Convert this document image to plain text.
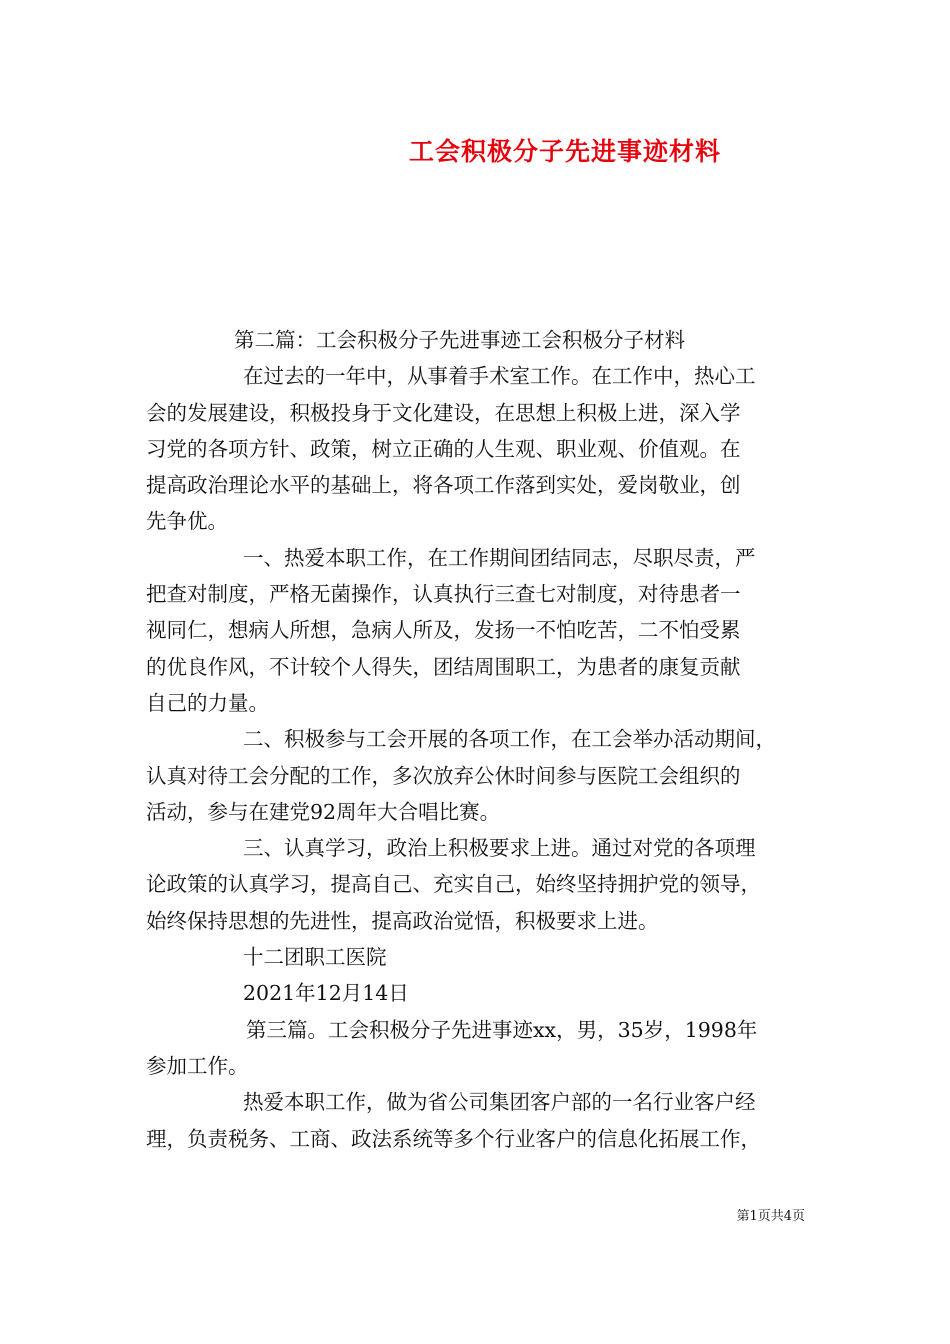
工会积极分子先进事迹材料
第二篇：工会积极分子先进事迹工会积极分子材料
在过去的一年中，从事着手术室工作。在工作中，热心工
会的发展建设，积极投身于文化建设，在思想上积极上进，深入学
习党的各项方针、政策，树立正确的人生观、职业观、价值观。在
提高政治理论水平的基础上，将各项工作落到实处，爱岗敬业，创
先争优。
一、热爱本职工作，在工作期间团结同志，尽职尽责，严
把查对制度，严格无菌操作，认真执行三查七对制度，对待患者一
视同仁，想病人所想，急病人所及，发扬一不怕吃苦，二不怕受累
的优良作风，不计较个人得失，团结周围职工，为患者的康复贡献
自己的力量。
二、积极参与工会开展的各项工作，在工会举办活动期间，
认真对待工会分配的工作，多次放弃公休时间参与医院工会组织的
活动，参与在建党92周年大合唱比赛。
三、认真学习，政治上积极要求上进。通过对党的各项理
论政策的认真学习，提高自己、充实自己，始终坚持拥护党的领导，
始终保持思想的先进性，提高政治觉悟，积极要求上进。
十二团职工医院
2021年12月14日
第三篇。工会积极分子先进事迹xx，男，35岁，1998年
参加工作。
热爱本职工作，做为省公司集团客户部的一名行业客户经
理，负责税务、工商、政法系统等多个行业客户的信息化拓展工作，
第1页共4页
